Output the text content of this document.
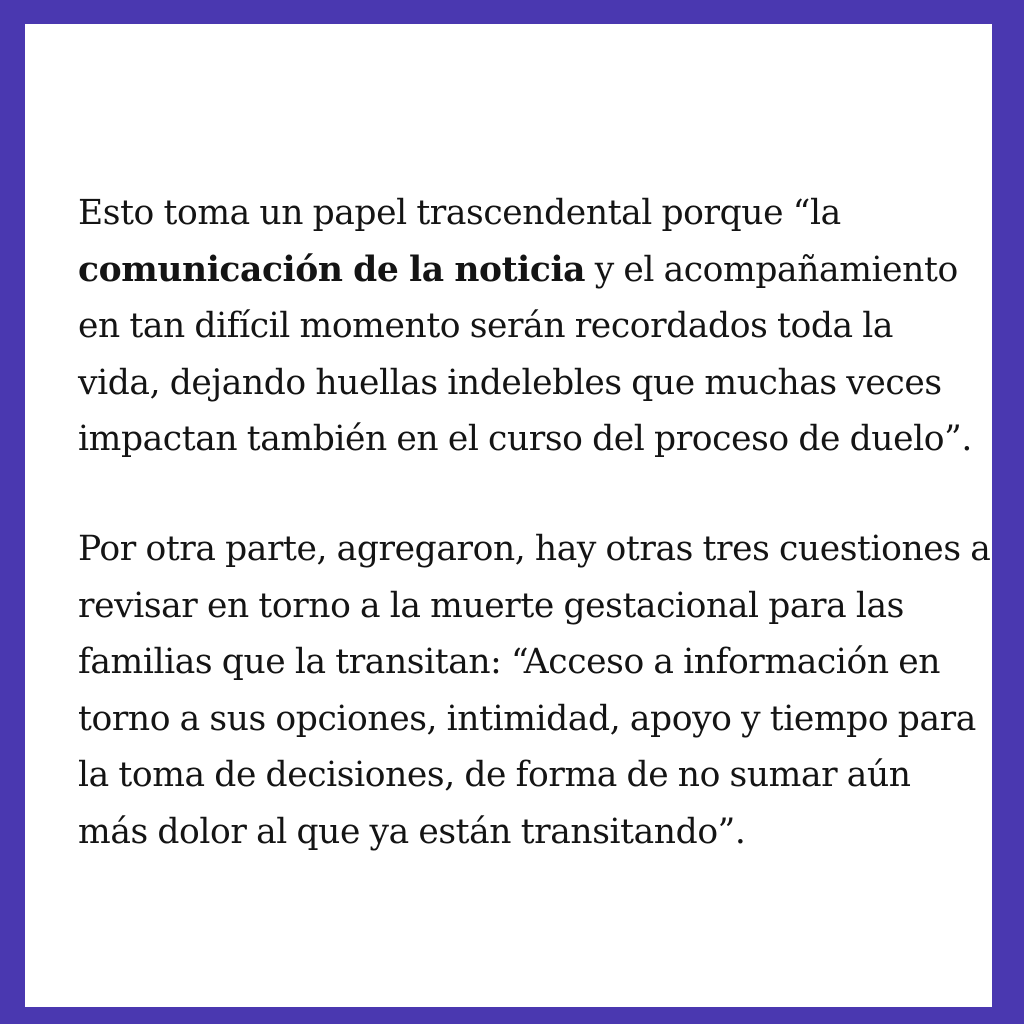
Esto toma un papel trascendental porque “la
comunicación de la noticia y el acompañamiento
en tan difícil momento serán recordados toda la
vida, dejando huellas indelebles que muchas veces
impactan también en el curso del proceso de duelo”.

Por otra parte, agregaron, hay otras tres cuestiones a
revisar en torno a la muerte gestacional para las
familias que la transitan: “Acceso a información en
torno a sus opciones, intimidad, apoyo y tiempo para
la toma de decisiones, de forma de no sumar aún
más dolor al que ya están transitando”.
